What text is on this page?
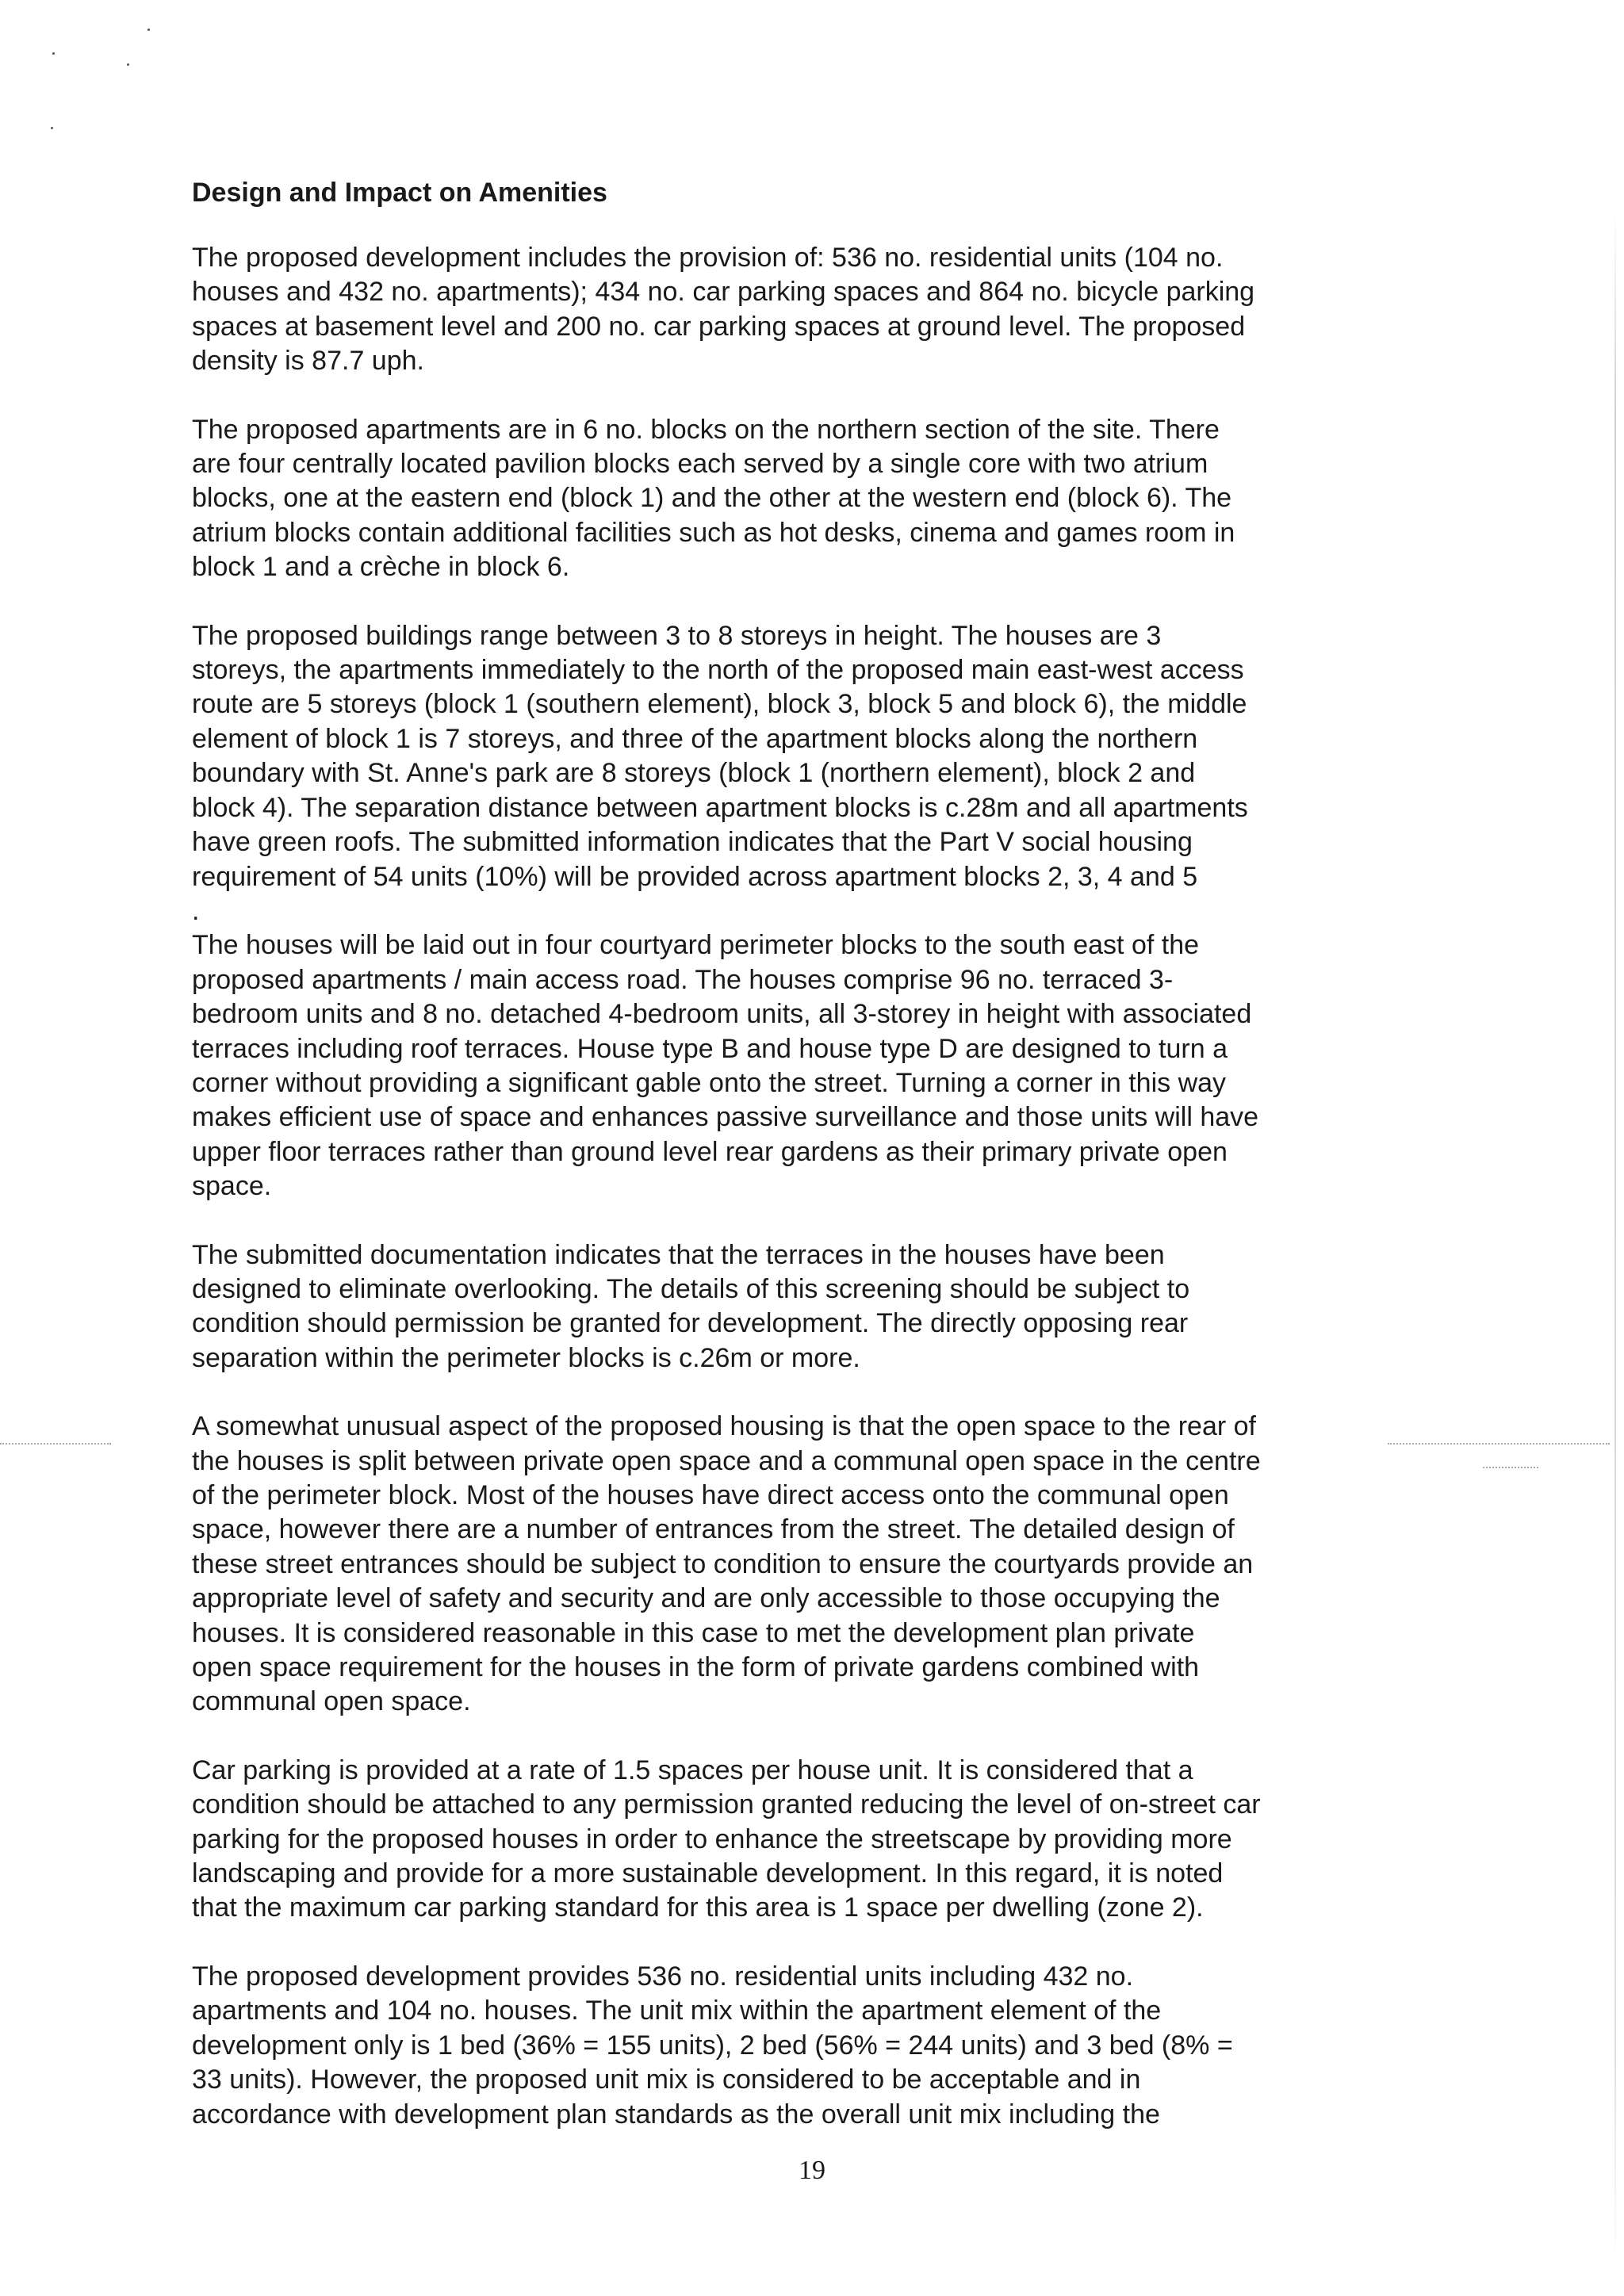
Design and Impact on Amenities
The proposed development includes the provision of: 536 no. residential units (104 no.
houses and 432 no. apartments); 434 no. car parking spaces and 864 no. bicycle parking
spaces at basement level and 200 no. car parking spaces at ground level. The proposed
density is 87.7 uph.
The proposed apartments are in 6 no. blocks on the northern section of the site. There
are four centrally located pavilion blocks each served by a single core with two atrium
blocks, one at the eastern end (block 1) and the other at the western end (block 6). The
atrium blocks contain additional facilities such as hot desks, cinema and games room in
block 1 and a crèche in block 6.
The proposed buildings range between 3 to 8 storeys in height. The houses are 3
storeys, the apartments immediately to the north of the proposed main east-west access
route are 5 storeys (block 1 (southern element), block 3, block 5 and block 6), the middle
element of block 1 is 7 storeys, and three of the apartment blocks along the northern
boundary with St. Anne's park are 8 storeys (block 1 (northern element), block 2 and
block 4). The separation distance between apartment blocks is c.28m and all apartments
have green roofs. The submitted information indicates that the Part V social housing
requirement of 54 units (10%) will be provided across apartment blocks 2, 3, 4 and 5
.
The houses will be laid out in four courtyard perimeter blocks to the south east of the
proposed apartments / main access road. The houses comprise 96 no. terraced 3-
bedroom units and 8 no. detached 4-bedroom units, all 3-storey in height with associated
terraces including roof terraces. House type B and house type D are designed to turn a
corner without providing a significant gable onto the street. Turning a corner in this way
makes efficient use of space and enhances passive surveillance and those units will have
upper floor terraces rather than ground level rear gardens as their primary private open
space.
The submitted documentation indicates that the terraces in the houses have been
designed to eliminate overlooking. The details of this screening should be subject to
condition should permission be granted for development. The directly opposing rear
separation within the perimeter blocks is c.26m or more.
A somewhat unusual aspect of the proposed housing is that the open space to the rear of
the houses is split between private open space and a communal open space in the centre
of the perimeter block. Most of the houses have direct access onto the communal open
space, however there are a number of entrances from the street. The detailed design of
these street entrances should be subject to condition to ensure the courtyards provide an
appropriate level of safety and security and are only accessible to those occupying the
houses. It is considered reasonable in this case to met the development plan private
open space requirement for the houses in the form of private gardens combined with
communal open space.
Car parking is provided at a rate of 1.5 spaces per house unit. It is considered that a
condition should be attached to any permission granted reducing the level of on-street car
parking for the proposed houses in order to enhance the streetscape by providing more
landscaping and provide for a more sustainable development. In this regard, it is noted
that the maximum car parking standard for this area is 1 space per dwelling (zone 2).
The proposed development provides 536 no. residential units including 432 no.
apartments and 104 no. houses. The unit mix within the apartment element of the
development only is 1 bed (36% = 155 units), 2 bed (56% = 244 units) and 3 bed (8% =
33 units). However, the proposed unit mix is considered to be acceptable and in
accordance with development plan standards as the overall unit mix including the
19
